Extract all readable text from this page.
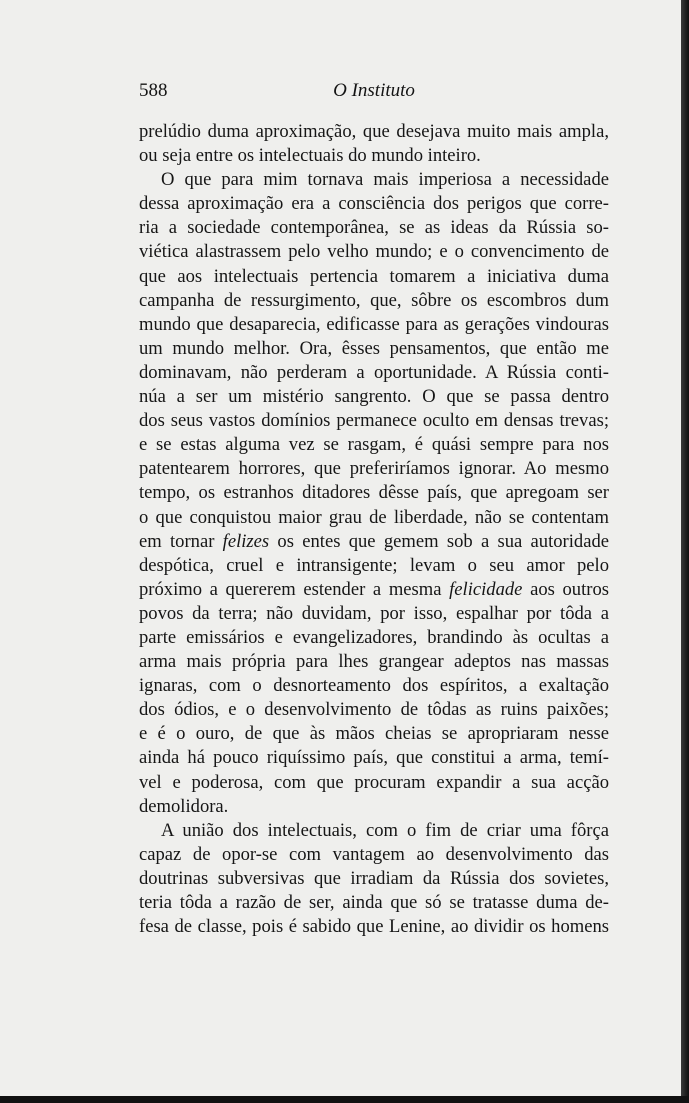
588	O Instituto
prelúdio duma aproximação, que desejava muito mais ampla,
ou seja entre os intelectuais do mundo inteiro.
O que para mim tornava mais imperiosa a necessidade
dessa aproximação era a consciência dos perigos que corre-
ria a sociedade contemporânea, se as ideas da Rússia so-
viética alastrassem pelo velho mundo; e o convencimento de
que aos intelectuais pertencia tomarem a iniciativa duma
campanha de ressurgimento, que, sôbre os escombros dum
mundo que desaparecia, edificasse para as gerações vindouras
um mundo melhor. Ora, êsses pensamentos, que então me
dominavam, não perderam a oportunidade. A Rússia conti-
núa a ser um mistério sangrento. O que se passa dentro
dos seus vastos domínios permanece oculto em densas trevas;
e se estas alguma vez se rasgam, é quási sempre para nos
patentearem horrores, que preferiríamos ignorar. Ao mesmo
tempo, os estranhos ditadores dêsse país, que apregoam ser
o que conquistou maior grau de liberdade, não se contentam
em tornar felizes os entes que gemem sob a sua autoridade
despótica, cruel e intransigente; levam o seu amor pelo
próximo a quererem estender a mesma felicidade aos outros
povos da terra; não duvidam, por isso, espalhar por tôda a
parte emissários e evangelizadores, brandindo às ocultas a
arma mais própria para lhes grangear adeptos nas massas
ignaras, com o desnorteamento dos espíritos, a exaltação
dos ódios, e o desenvolvimento de tôdas as ruins paixões;
e é o ouro, de que às mãos cheias se apropriaram nesse
ainda há pouco riquíssimo país, que constitui a arma, temí-
vel e poderosa, com que procuram expandir a sua acção
demolidora.
A união dos intelectuais, com o fim de criar uma fôrça
capaz de opor-se com vantagem ao desenvolvimento das
doutrinas subversivas que irradiam da Rússia dos sovietes,
teria tôda a razão de ser, ainda que só se tratasse duma de-
fesa de classe, pois é sabido que Lenine, ao dividir os homens
